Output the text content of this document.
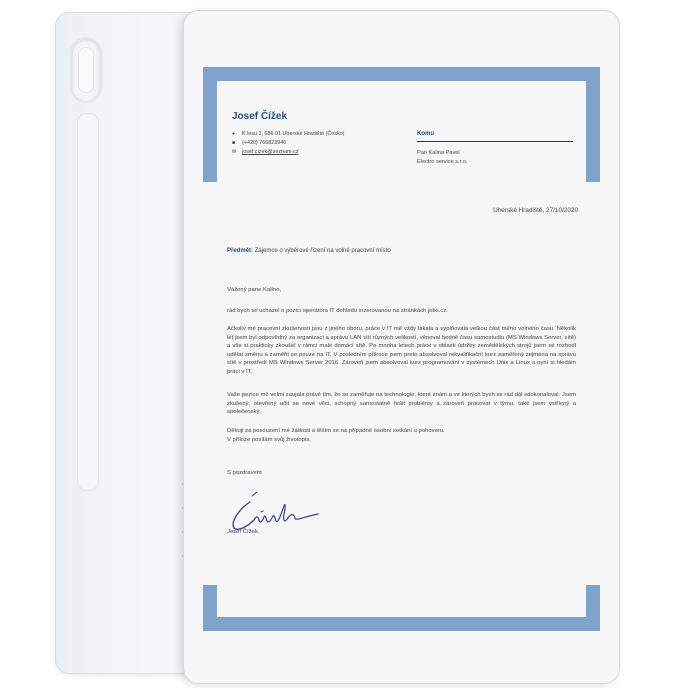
Josef Čížek
●	K lesu 3, 686 01 Uherské Hradiště (Česko)
■	(+420) 766823946
✉	josef.cizek@seznam.cz
Komu
Pan Kalina Pavel
Electro service s.r.o.
Uherské Hradiště, 27/10/2020
Předmět: Zájemce o výběrové řízení na volné pracovní místo
Vážený pane Kalino,
rád bych se ucházel o pozici operátora IT dohledu inzerovanou na stránkách jobs.cz.
Ačkoliv mé pracovní zkušenosti jsou z jiného oboru, práce v IT mě vždy lákala a vyplňovala velkou část mého volného času. Několik let jsem byl odpovědný za organizaci a správu LAN sítí různých velikostí, věnoval hodně času samostudiu (MS Windows Server, sítě) a vše si prakticky zkoušel v rámci malé domácí sítě. Po mnoha letech práce v oblasti údržby zemědělských strojů jsem se rozhodl udělat změnu a zaměřit se pouze na IT. V posledním půlroce jsem proto absolvoval rekvalifikační kurz zaměřený zejména na správu sítě v prostředí MS Windows Server 2016. Zároveň jsem absolvoval kurz programování v systémech Unix a Linux a nyní si hledám práci v IT.
Vaše pozice mě velmi zaujala právě tím, že se zaměřuje na technologie, které znám a ve kterých bych se rád dál zdokonaloval. Jsem zkušený, otevřený učit se nové věci, schopný samostatně řešit problémy a zároveň pracovat v týmu, také jsem vstřícný a společenský.
Děkuji za posouzení mé žádosti a těším se na případné osobní setkání u pohovoru.
V příloze posílám svůj životopis.
S pozdravem
Josef Čížek
